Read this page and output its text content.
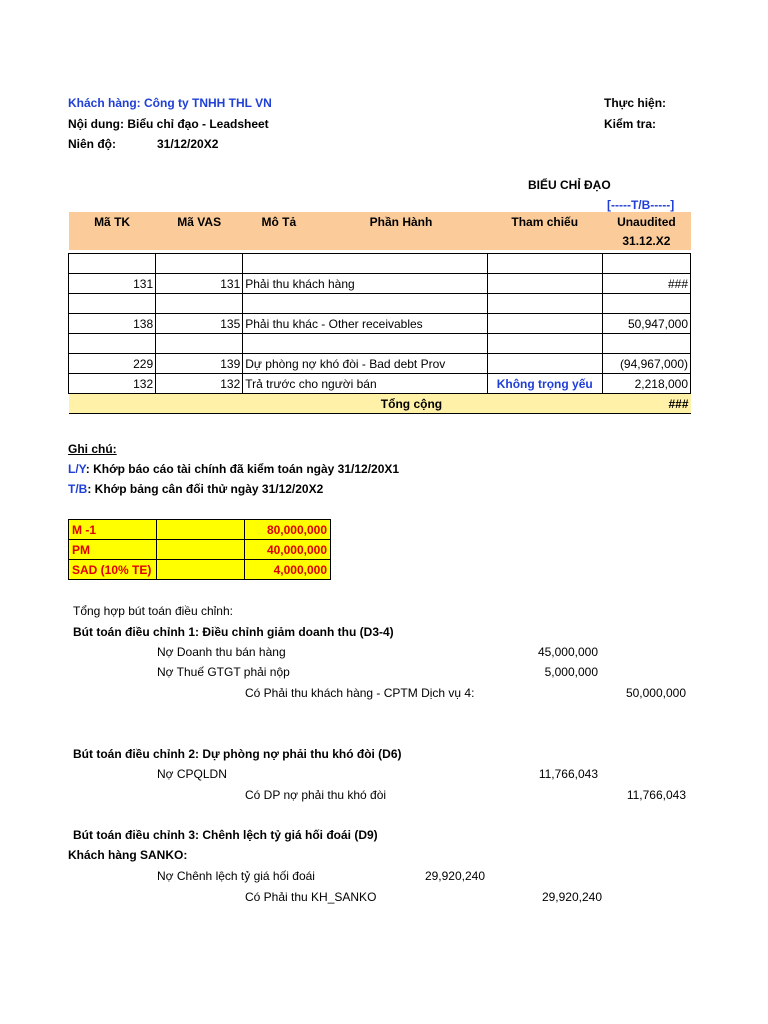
Khách hàng: Công ty TNHH THL VN
Nội dung: Biểu chỉ đạo - Leadsheet
Niên độ:	31/12/20X2
Thực hiện:
Kiểm tra:
BIỂU CHỈ ĐẠO
[-----T/B-----]
Mã TK	Mã VAS	Mô Tả	Phần Hành	Tham chiếu	Unaudited
					31.12.X2

131	131	Phải thu khách hàng			###

138	135	Phải thu khác - Other receivables			50,947,000

229	139	Dự phòng nợ khó đòi - Bad debt Prov			(94,967,000)
132	132	Trả trước cho người bán		Không trọng yếu	2,218,000
			Tổng cộng		###
Ghi chú:
L/Y: Khớp báo cáo tài chính đã kiểm toán ngày 31/12/20X1
T/B: Khớp bảng cân đối thử ngày 31/12/20X2
M -1		80,000,000
PM		40,000,000
SAD (10% TE)		4,000,000
Tổng hợp bút toán điều chỉnh:
Bút toán điều chỉnh 1: Điều chỉnh giảm doanh thu (D3-4)
Nợ Doanh thu bán hàng	45,000,000
Nợ Thuế GTGT phải nộp	5,000,000
Có Phải thu khách hàng - CPTM Dịch vụ 4:	50,000,000
Bút toán điều chỉnh 2: Dự phòng nợ phải thu khó đòi (D6)
Nợ CPQLDN	11,766,043
Có DP nợ phải thu khó đòi	11,766,043
Bút toán điều chỉnh 3: Chênh lệch tỷ giá hối đoái (D9)
Khách hàng SANKO:
Nợ Chênh lệch tỷ giá hối đoái	29,920,240
Có Phải thu KH_SANKO	29,920,240
